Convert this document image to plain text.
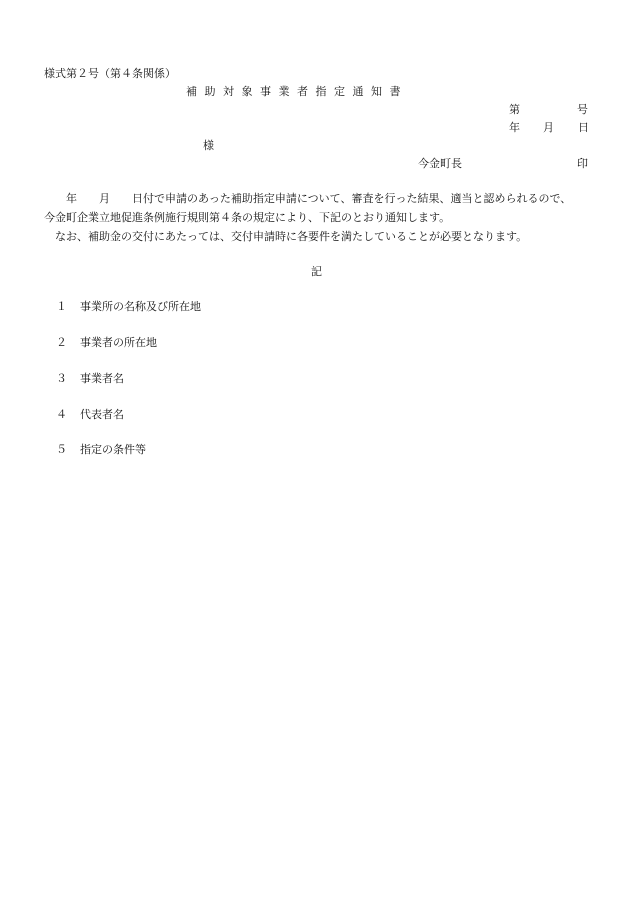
様式第２号（第４条関係）
補助対象事業者指定通知書
第	号
年 月 日
様
今金町長	印
　　年　　月　　日付で申請のあった補助指定申請について、審査を行った結果、適当と認められるので、
今金町企業立地促進条例施行規則第４条の規定により、下記のとおり通知します。
　なお、補助金の交付にあたっては、交付申請時に各要件を満たしていることが必要となります。
記
１ 事業所の名称及び所在地
２ 事業者の所在地
３ 事業者名
４ 代表者名
５ 指定の条件等
